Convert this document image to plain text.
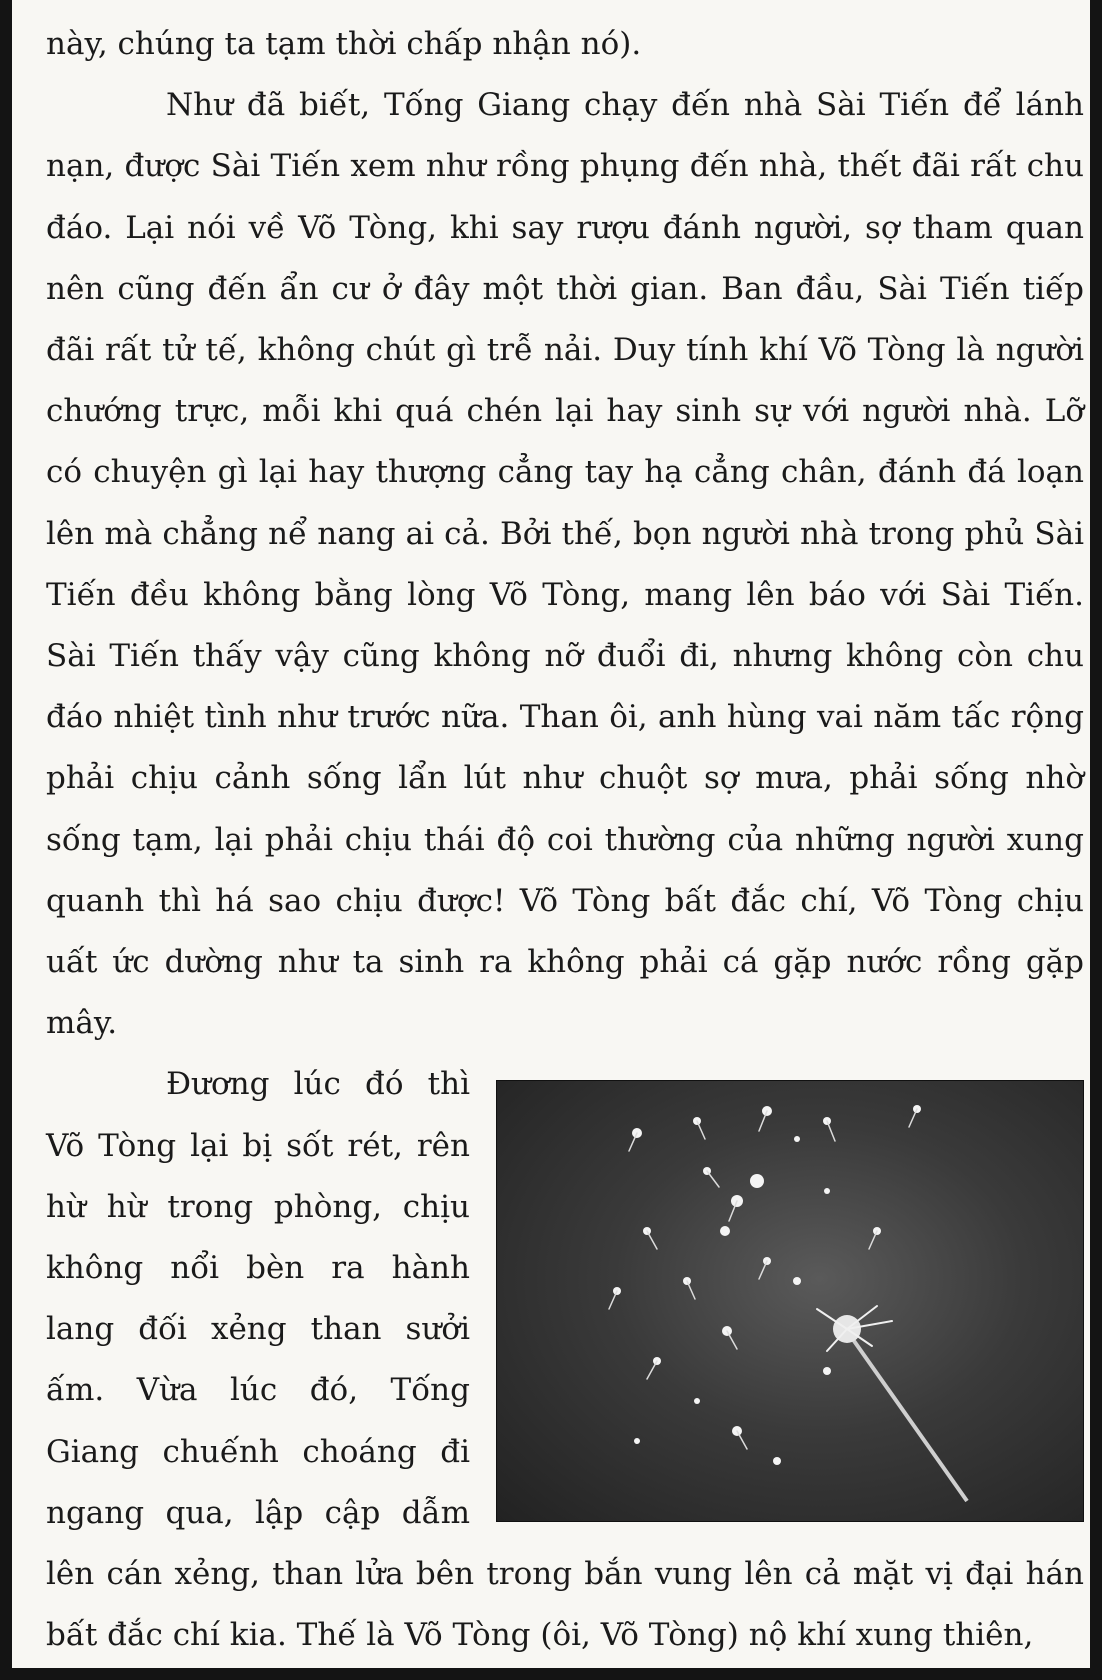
này, chúng ta tạm thời chấp nhận nó).

Như đã biết, Tống Giang chạy đến nhà Sài Tiến để lánh nạn, được Sài Tiến xem như rồng phụng đến nhà, thết đãi rất chu đáo. Lại nói về Võ Tòng, khi say rượu đánh người, sợ tham quan nên cũng đến ẩn cư ở đây một thời gian. Ban đầu, Sài Tiến tiếp đãi rất tử tế, không chút gì trễ nải. Duy tính khí Võ Tòng là người chướng trực, mỗi khi quá chén lại hay sinh sự với người nhà. Lỡ có chuyện gì lại hay thượng cẳng tay hạ cẳng chân, đánh đá loạn lên mà chẳng nể nang ai cả. Bởi thế, bọn người nhà trong phủ Sài Tiến đều không bằng lòng Võ Tòng, mang lên báo với Sài Tiến. Sài Tiến thấy vậy cũng không nỡ đuổi đi, nhưng không còn chu đáo nhiệt tình như trước nữa. Than ôi, anh hùng vai năm tấc rộng phải chịu cảnh sống lẩn lút như chuột sợ mưa, phải sống nhờ sống tạm, lại phải chịu thái độ coi thường của những người xung quanh thì há sao chịu được! Võ Tòng bất đắc chí, Võ Tòng chịu uất ức dường như ta sinh ra không phải cá gặp nước rồng gặp mây.

Đương lúc đó thì Võ Tòng lại bị sốt rét, rên hừ hừ trong phòng, chịu không nổi bèn ra hành lang đối xẻng than sưởi ấm. Vừa lúc đó, Tống Giang chuếnh choáng đi ngang qua, lập cập dẫm lên cán xẻng, than lửa bên trong bắn vung lên cả mặt vị đại hán bất đắc chí kia. Thế là Võ Tòng (ôi, Võ Tòng) nộ khí xung thiên,
